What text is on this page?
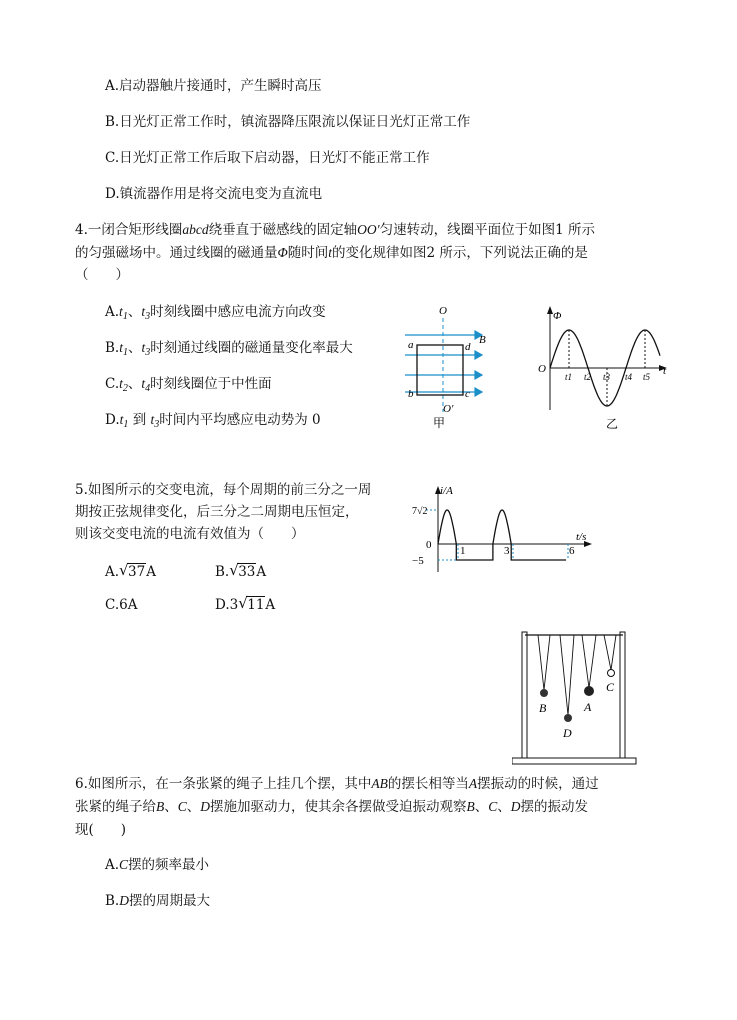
A.启动器触片接通时，产生瞬时高压
B.日光灯正常工作时，镇流器降压限流以保证日光灯正常工作
C.日光灯正常工作后取下启动器，日光灯不能正常工作
D.镇流器作用是将交流电变为直流电
4.一闭合矩形线圈abcd绕垂直于磁感线的固定轴OO′匀速转动，线圈平面位于如图1 所示
的匀强磁场中。通过线圈的磁通量Φ随时间t的变化规律如图2 所示，下列说法正确的是
（　　）
$A.t_1$、$t_3$时刻线圈中感应电流方向改变
$B.t_1$、$t_3$时刻通过线圈的磁通量变化率最大
$C.t_2$、$t_4$时刻线圈位于中性面
$D.t_1$ 到 $t_3$时间内平均感应电动势为 0
O
O′
a
b	c
d
B
甲
Φ
O	t
t1 t2 t3 t4 t5
乙
5.如图所示的交变电流，每个周期的前三分之一周
期按正弦规律变化，后三分之二周期电压恒定，
则该交变电流的电流有效值为（　　）
A. √ 37A	B. √ 33A
C.6A	D.3 √ 11A
i/A
t/s
7√2
0
−5
1	3	6
B
D
A
C
6.如图所示，在一条张紧的绳子上挂几个摆，其中AB的摆长相等当A摆振动的时候，通过
张紧的绳子给B、C、D摆施加驱动力，使其余各摆做受迫振动观察B、C、D摆的振动发
现(　　)
A.C摆的频率最小
B.D摆的周期最大
